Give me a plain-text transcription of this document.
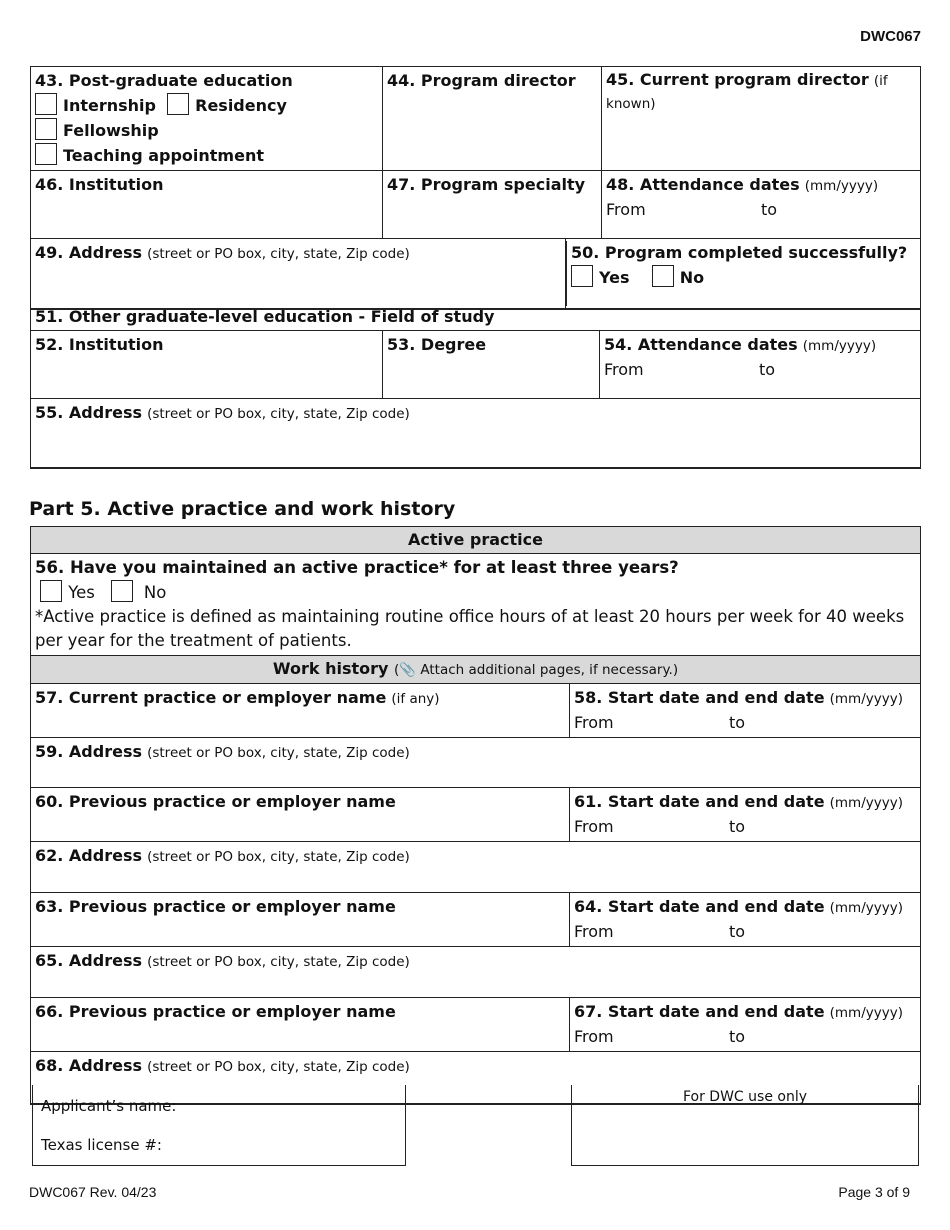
DWC067
43. Post-graduate education
Internship Residency
Fellowship
Teaching appointment	44. Program director		45. Current program director (if known)
46. Institution	47. Program specialty		48. Attendance dates (mm/yyyy)
From to
49. Address (street or PO box, city, state, Zip code)		50. Program completed successfully?
Yes No	
51. Other graduate-level education - Field of study
52. Institution	53. Degree	54. Attendance dates (mm/yyyy)
From	to
55. Address (street or PO box, city, state, Zip code)
Part 5. Active practice and work history
Active practice	
56. Have you maintained an active practice* for at least three years?
Yes No
*Active practice is defined as maintaining routine office hours of at least 20 hours per week for 40 weeks per year for the treatment of patients.	
Work history (📎 Attach additional pages, if necessary.)	
57. Current practice or employer name (if any)	58. Start date and end date (mm/yyyy)
From to
59. Address (street or PO box, city, state, Zip code)	
60. Previous practice or employer name	61. Start date and end date (mm/yyyy)
From to
62. Address (street or PO box, city, state, Zip code)	
63. Previous practice or employer name	64. Start date and end date (mm/yyyy)
From to
65. Address (street or PO box, city, state, Zip code)	
66. Previous practice or employer name	67. Start date and end date (mm/yyyy)
From to
68. Address (street or PO box, city, state, Zip code)	
Applicant’s name:
Texas license #:
For DWC use only
DWC067 Rev. 04/23	Page 3 of 9
